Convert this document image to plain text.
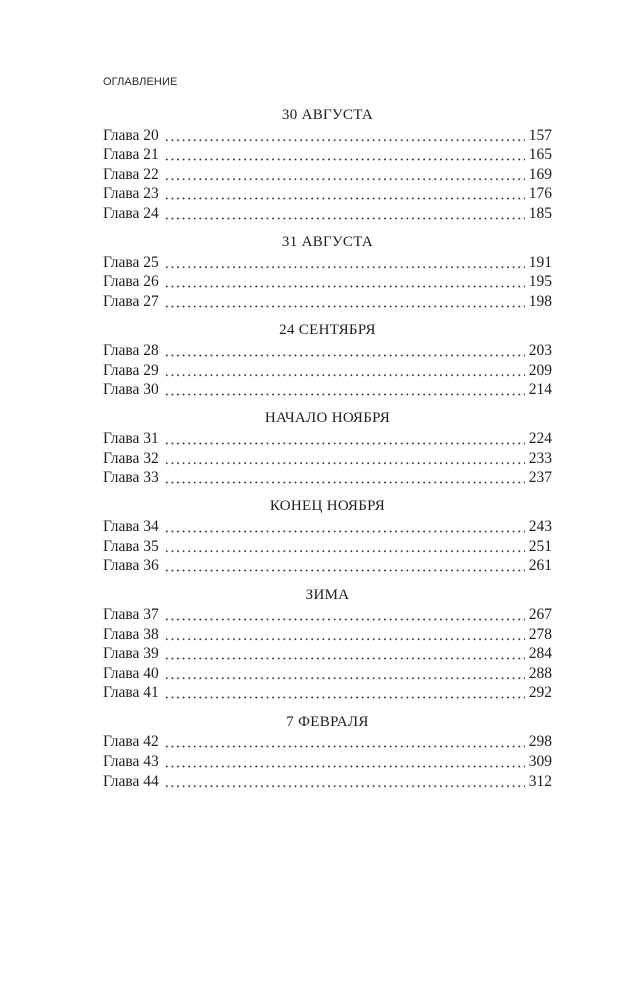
ОГЛАВЛЕНИЕ
30 АВГУСТА
Глава 20	157
Глава 21	165
Глава 22	169
Глава 23	176
Глава 24	185
31 АВГУСТА
Глава 25	191
Глава 26	195
Глава 27	198
24 СЕНТЯБРЯ
Глава 28	203
Глава 29	209
Глава 30	214
НАЧАЛО НОЯБРЯ
Глава 31	224
Глава 32	233
Глава 33	237
КОНЕЦ НОЯБРЯ
Глава 34	243
Глава 35	251
Глава 36	261
ЗИМА
Глава 37	267
Глава 38	278
Глава 39	284
Глава 40	288
Глава 41	292
7 ФЕВРАЛЯ
Глава 42	298
Глава 43	309
Глава 44	312
